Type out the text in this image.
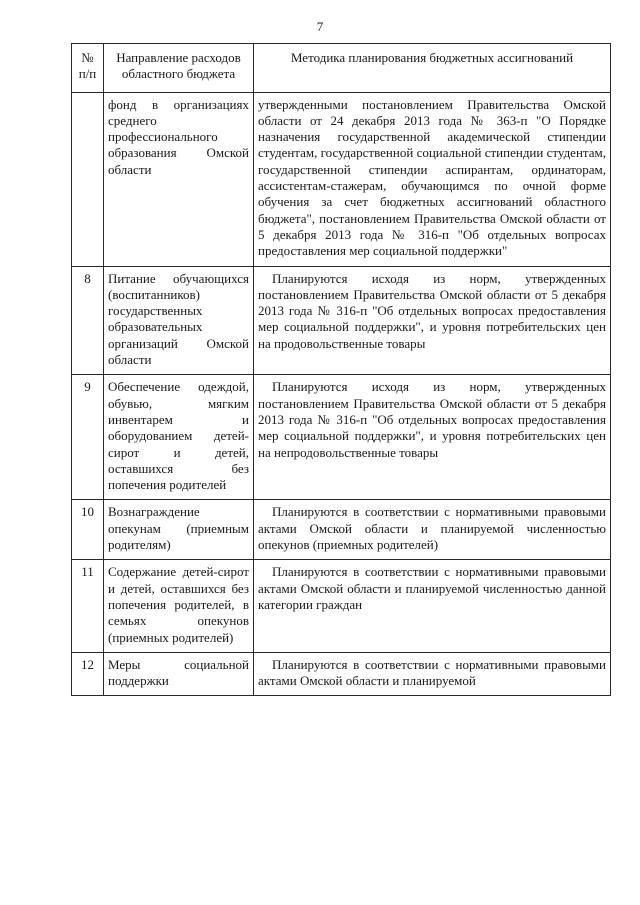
7
№ п/п	Направление расходов областного бюджета	Методика планирования бюджетных ассигнований
	фонд в организациях среднего профессионального образования Омской области	утвержденными постановлением Правительства Омской области от 24 декабря 2013 года № 363-п "О Порядке назначения государственной академической стипендии студентам, государственной социальной стипендии студентам, государственной стипендии аспирантам, ординаторам, ассистентам-стажерам, обучающимся по очной форме обучения за счет бюджетных ассигнований областного бюджета", постановлением Правительства Омской области от 5 декабря 2013 года № 316-п "Об отдельных вопросах предоставления мер социальной поддержки"
8	Питание обучающихся (воспитанников) государственных образовательных организаций Омской области	Планируются исходя из норм, утвержденных постановлением Правительства Омской области от 5 декабря 2013 года № 316-п "Об отдельных вопросах предоставления мер социальной поддержки", и уровня потребительских цен на продовольственные товары
9	Обеспечение одеждой, обувью, мягким инвентарем и оборудованием детей-сирот и детей, оставшихся без попечения родителей	Планируются исходя из норм, утвержденных постановлением Правительства Омской области от 5 декабря 2013 года № 316-п "Об отдельных вопросах предоставления мер социальной поддержки", и уровня потребительских цен на непродовольственные товары
10	Вознаграждение опекунам (приемным родителям)	Планируются в соответствии с нормативными правовыми актами Омской области и планируемой численностью опекунов (приемных родителей)
11	Содержание детей-сирот и детей, оставшихся без попечения родителей, в семьях опекунов (приемных родителей)	Планируются в соответствии с нормативными правовыми актами Омской области и планируемой численностью данной категории граждан
12	Меры социальной поддержки	Планируются в соответствии с нормативными правовыми актами Омской области и планируемой
